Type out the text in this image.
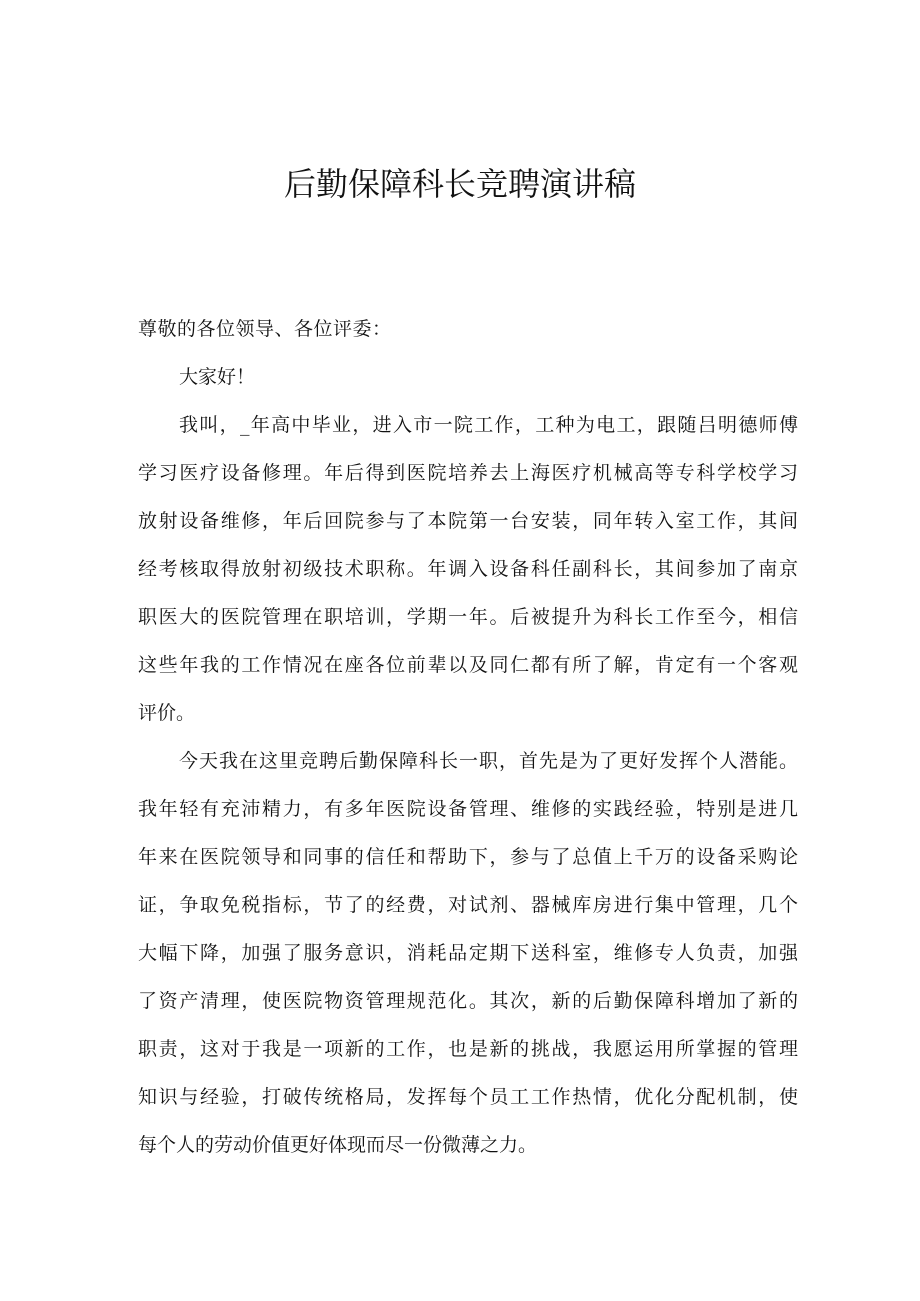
后勤保障科长竞聘演讲稿
尊敬的各位领导、各位评委：
大家好！
我叫，_年高中毕业，进入市一院工作，工种为电工，跟随吕明德师傅
学习医疗设备修理。年后得到医院培养去上海医疗机械高等专科学校学习
放射设备维修，年后回院参与了本院第一台安装，同年转入室工作，其间
经考核取得放射初级技术职称。年调入设备科任副科长，其间参加了南京
职医大的医院管理在职培训，学期一年。后被提升为科长工作至今，相信
这些年我的工作情况在座各位前辈以及同仁都有所了解，肯定有一个客观
评价。
今天我在这里竞聘后勤保障科长一职，首先是为了更好发挥个人潜能。
我年轻有充沛精力，有多年医院设备管理、维修的实践经验，特别是进几
年来在医院领导和同事的信任和帮助下，参与了总值上千万的设备采购论
证，争取免税指标，节了的经费，对试剂、器械库房进行集中管理，几个
大幅下降，加强了服务意识，消耗品定期下送科室，维修专人负责，加强
了资产清理，使医院物资管理规范化。其次，新的后勤保障科增加了新的
职责，这对于我是一项新的工作，也是新的挑战，我愿运用所掌握的管理
知识与经验，打破传统格局，发挥每个员工工作热情，优化分配机制，使
每个人的劳动价值更好体现而尽一份微薄之力。
